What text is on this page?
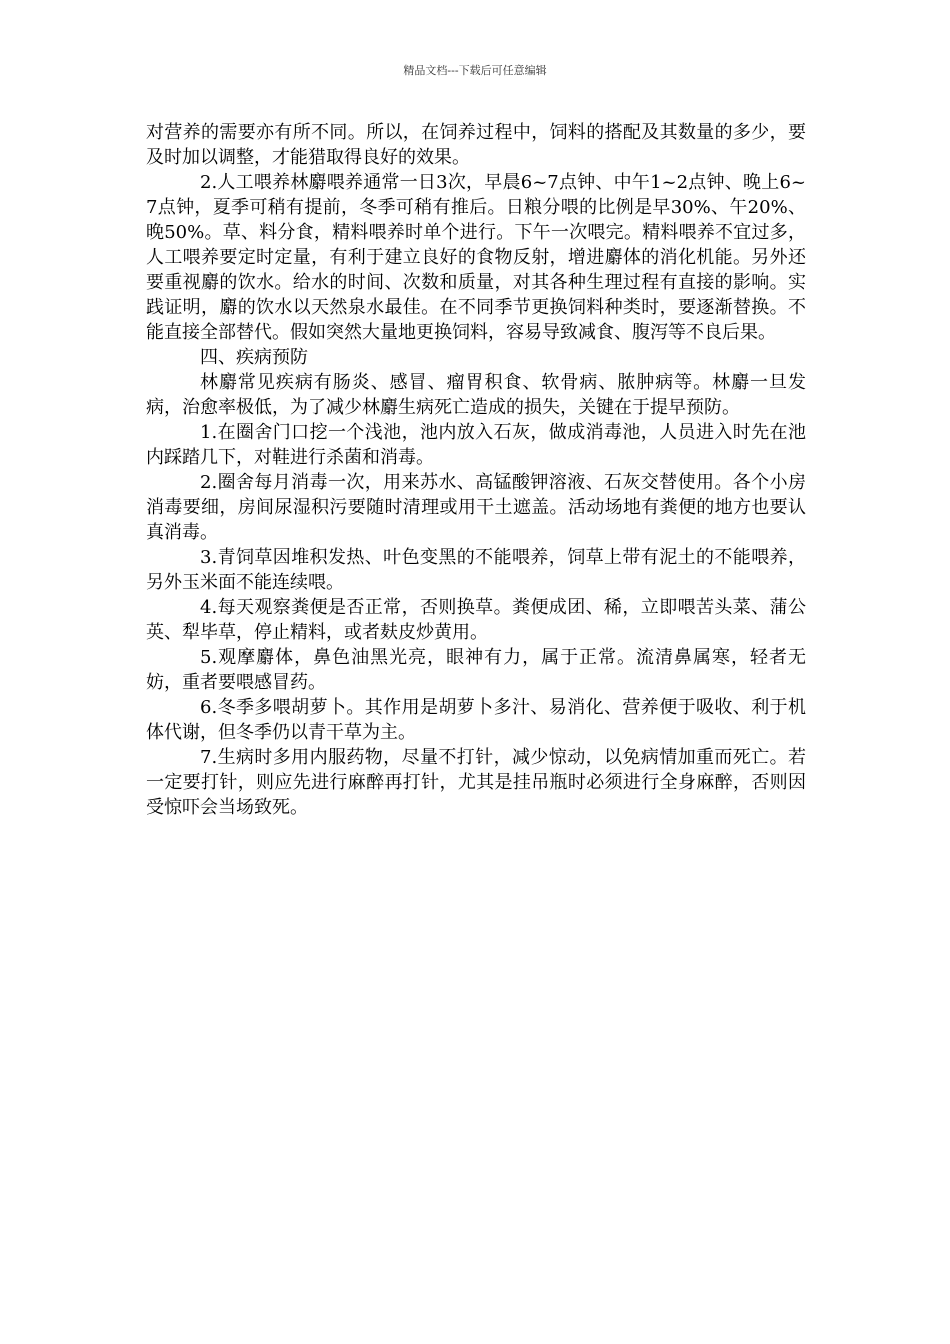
精品文档---下载后可任意编辑

对营养的需要亦有所不同。所以，在饲养过程中，饲料的搭配及其数量的多少，要及时加以调整，才能猎取得良好的效果。

2.人工喂养林麝喂养通常一日3次，早晨6~7点钟、中午1~2点钟、晚上6~7点钟，夏季可稍有提前，冬季可稍有推后。日粮分喂的比例是早30%、午20%、晚50%。草、料分食，精料喂养时单个进行。下午一次喂完。精料喂养不宜过多，人工喂养要定时定量，有利于建立良好的食物反射，增进麝体的消化机能。另外还要重视麝的饮水。给水的时间、次数和质量，对其各种生理过程有直接的影响。实践证明，麝的饮水以天然泉水最佳。在不同季节更换饲料种类时，要逐渐替换。不能直接全部替代。假如突然大量地更换饲料，容易导致减食、腹泻等不良后果。

四、疾病预防

林麝常见疾病有肠炎、感冒、瘤胃积食、软骨病、脓肿病等。林麝一旦发病，治愈率极低，为了减少林麝生病死亡造成的损失，关键在于提早预防。

1.在圈舍门口挖一个浅池，池内放入石灰，做成消毒池，人员进入时先在池内踩踏几下，对鞋进行杀菌和消毒。

2.圈舍每月消毒一次，用来苏水、高锰酸钾溶液、石灰交替使用。各个小房消毒要细，房间尿湿积污要随时清理或用干土遮盖。活动场地有粪便的地方也要认真消毒。

3.青饲草因堆积发热、叶色变黑的不能喂养，饲草上带有泥土的不能喂养，另外玉米面不能连续喂。

4.每天观察粪便是否正常，否则换草。粪便成团、稀，立即喂苦头菜、蒲公英、犁毕草，停止精料，或者麸皮炒黄用。

5.观摩麝体，鼻色油黑光亮，眼神有力，属于正常。流清鼻属寒，轻者无妨，重者要喂感冒药。

6.冬季多喂胡萝卜。其作用是胡萝卜多汁、易消化、营养便于吸收、利于机体代谢，但冬季仍以青干草为主。

7.生病时多用内服药物，尽量不打针，减少惊动，以免病情加重而死亡。若一定要打针，则应先进行麻醉再打针，尤其是挂吊瓶时必须进行全身麻醉，否则因受惊吓会当场致死。
